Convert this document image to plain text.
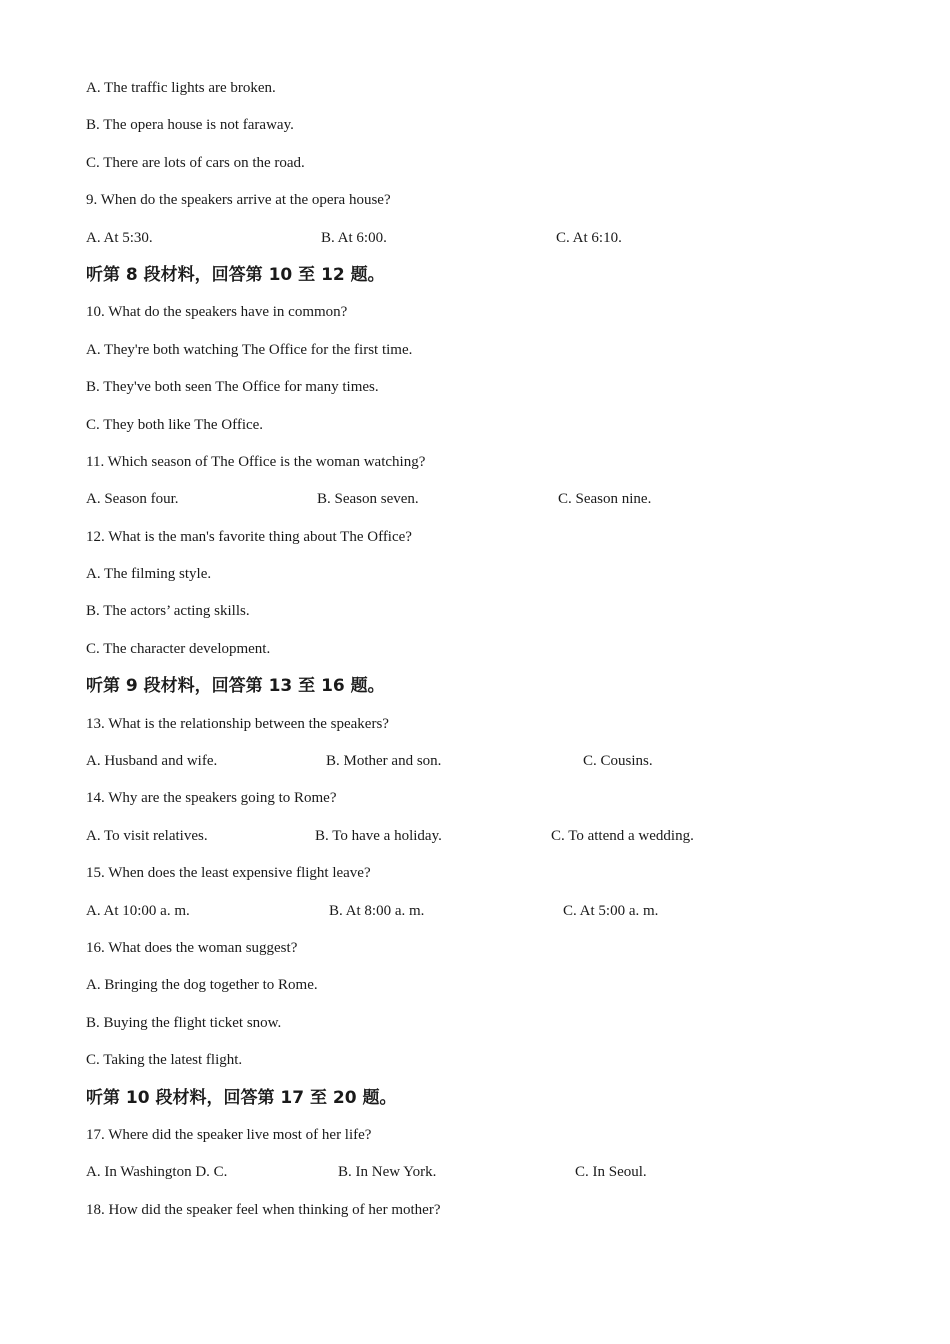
A. The traffic lights are broken.
B. The opera house is not faraway.
C. There are lots of cars on the road.
9. When do the speakers arrive at the opera house?
A. At 5:30.	B. At 6:00.	C. At 6:10.
听第 8 段材料，回答第 10 至 12 题。
10. What do the speakers have in common?
A. They're both watching The Office for the first time.
B. They've both seen The Office for many times.
C. They both like The Office.
11. Which season of The Office is the woman watching?
A. Season four.	B. Season seven.	C. Season nine.
12. What is the man's favorite thing about The Office?
A. The filming style.
B. The actors’ acting skills.
C. The character development.
听第 9 段材料，回答第 13 至 16 题。
13. What is the relationship between the speakers?
A. Husband and wife.	B. Mother and son.	C. Cousins.
14. Why are the speakers going to Rome?
A. To visit relatives.	B. To have a holiday.	C. To attend a wedding.
15. When does the least expensive flight leave?
A. At 10:00 a. m.	B. At 8:00 a. m.	C. At 5:00 a. m.
16. What does the woman suggest?
A. Bringing the dog together to Rome.
B. Buying the flight ticket snow.
C. Taking the latest flight.
听第 10 段材料，回答第 17 至 20 题。
17. Where did the speaker live most of her life?
A. In Washington D. C.	B. In New York.	C. In Seoul.
18. How did the speaker feel when thinking of her mother?
